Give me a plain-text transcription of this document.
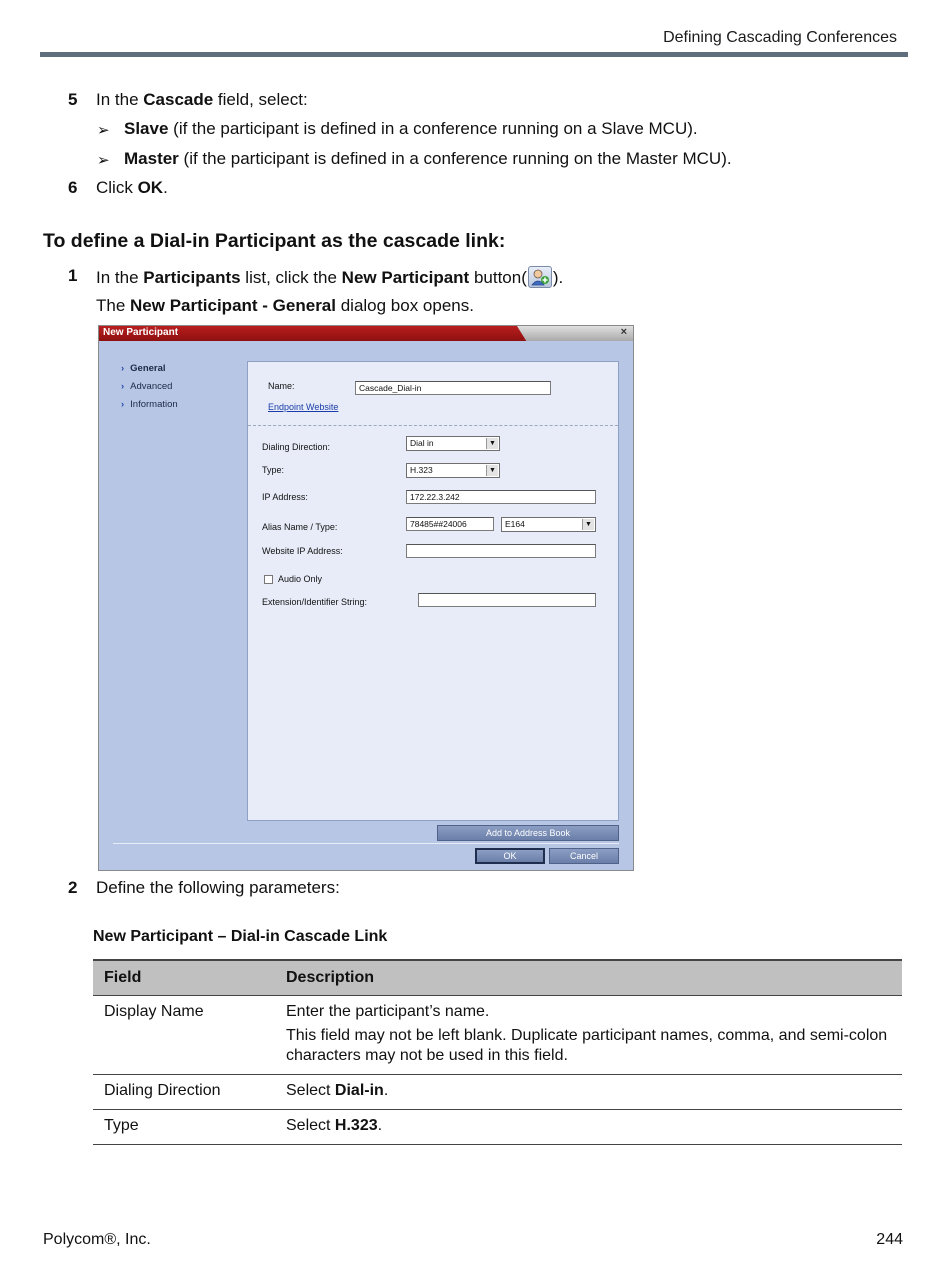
Defining Cascading Conferences
5 In the Cascade field, select:
➢ Slave (if the participant is defined in a conference running on a Slave MCU).
➢ Master (if the participant is defined in a conference running on the Master MCU).
6 Click OK.
To define a Dial-in Participant as the cascade link:
1 In the Participants list, click the New Participant button( ).
The New Participant - General dialog box opens.
New Participant	×
› General
› Advanced
› Information
Name:	Cascade_Dial-in
Endpoint Website
Dialing Direction:	Dial in	▼
Type:	H.323	▼
IP Address:	172.22.3.242
Alias Name / Type:	78485##24006	E164	▼
Website IP Address:
Audio Only
Extension/Identifier String:
Add to Address Book
OK	Cancel
2 Define the following parameters:
New Participant – Dial-in Cascade Link
Field	Description
Display Name	Enter the participant’s name.

This field may not be left blank. Duplicate participant names, comma, and semi-colon characters may not be used in this field.

Dialing Direction	Select Dial-in.
Type	Select H.323.
Polycom®, Inc.	244
